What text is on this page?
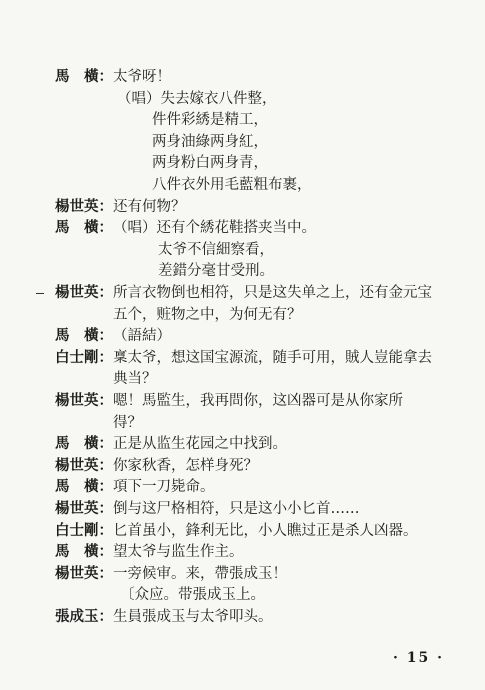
馬　橫： 太爷呀！
（唱）失去嫁衣八件整，
件件彩綉是精工，
两身油綠两身紅，
两身粉白两身青，
八件衣外用毛藍粗布裹，
楊世英： 还有何物？
馬　橫： （唱）还有个綉花鞋搭夹当中。
太爷不信細察看，
差錯分毫甘受刑。
楊世英： 所言衣物倒也相符，只是这失单之上，还有金元宝
五个，赃物之中，为何无有？
馬　橫： （語結）
白士剛： 稟太爷，想这国宝源流，随手可用，賊人豈能拿去
典当？
楊世英： 嗯！馬監生，我再問你，这凶器可是从你家所
得？
馬　橫： 正是从监生花园之中找到。
楊世英： 你家秋香，怎样身死？
馬　橫： 項下一刀毙命。
楊世英： 倒与这尸格相符，只是这小小匕首……
白士剛： 匕首虽小，鋒利无比，小人瞧过正是杀人凶器。
馬　橫： 望太爷与监生作主。
楊世英： 一旁候审。来，帶張成玉！
〔众应。带張成玉上。
張成玉： 生員張成玉与太爷叩头。
· 15 ·
